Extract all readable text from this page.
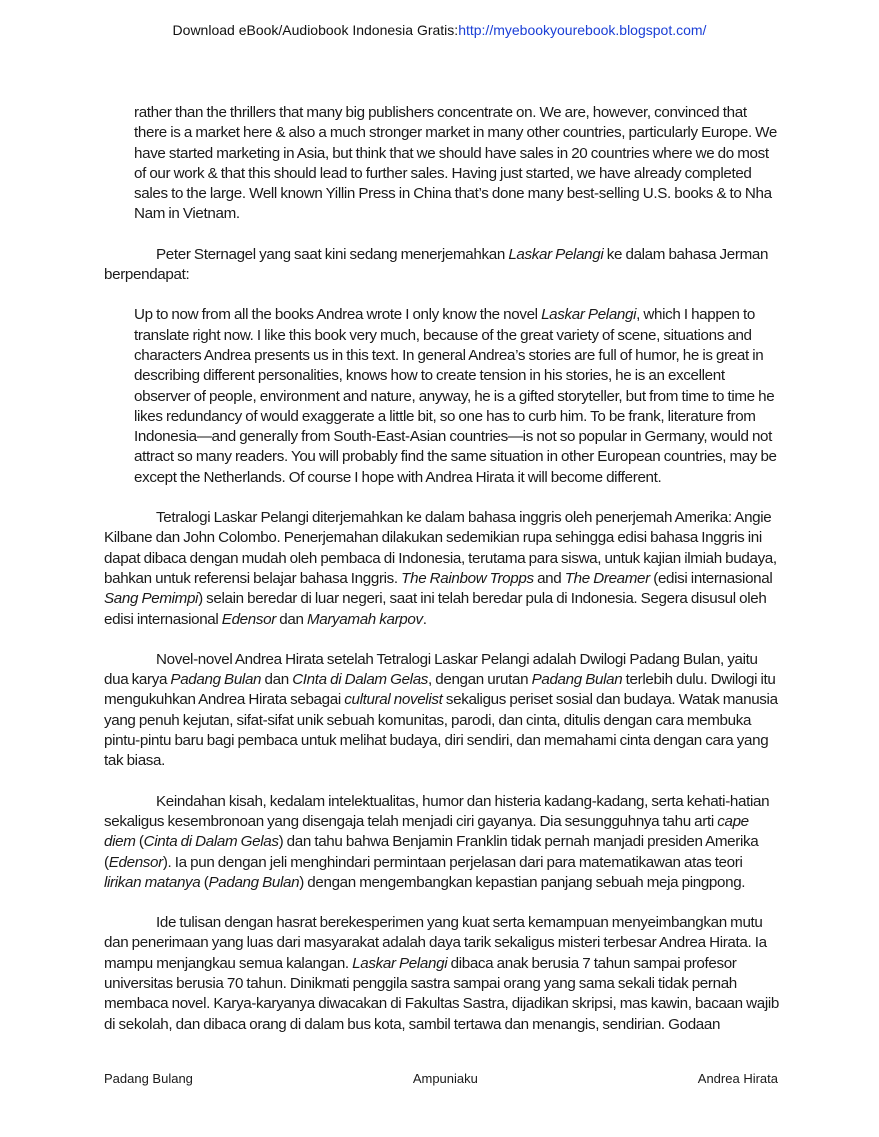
Download eBook/Audiobook Indonesia Gratis:http://myebookyourebook.blogspot.com/

rather than the thrillers that many big publishers concentrate on. We are, however, convinced that there is a market here & also a much stronger market in many other countries, particularly Europe. We have started marketing in Asia, but think that we should have sales in 20 countries where we do most of our work & that this should lead to further sales. Having just started, we have already completed sales to the large. Well known Yillin Press in China that’s done many best-selling U.S. books & to Nha Nam in Vietnam.

Peter Sternagel yang saat kini sedang menerjemahkan Laskar Pelangi ke dalam bahasa Jerman berpendapat:

Up to now from all the books Andrea wrote I only know the novel Laskar Pelangi, which I happen to translate right now. I like this book very much, because of the great variety of scene, situations and characters Andrea presents us in this text. In general Andrea’s stories are full of humor, he is great in describing different personalities, knows how to create tension in his stories, he is an excellent observer of people, environment and nature, anyway, he is a gifted storyteller, but from time to time he likes redundancy of would exaggerate a little bit, so one has to curb him. To be frank, literature from Indonesia—and generally from South-East-Asian countries—is not so popular in Germany, would not attract so many readers. You will probably find the same situation in other European countries, may be except the Netherlands. Of course I hope with Andrea Hirata it will become different.

Tetralogi Laskar Pelangi diterjemahkan ke dalam bahasa inggris oleh penerjemah Amerika: Angie Kilbane dan John Colombo. Penerjemahan dilakukan sedemikian rupa sehingga edisi bahasa Inggris ini dapat dibaca dengan mudah oleh pembaca di Indonesia, terutama para siswa, untuk kajian ilmiah budaya, bahkan untuk referensi belajar bahasa Inggris. The Rainbow Tropps and The Dreamer (edisi internasional Sang Pemimpi) selain beredar di luar negeri, saat ini telah beredar pula di Indonesia. Segera disusul oleh edisi internasional Edensor dan Maryamah karpov.

Novel-novel Andrea Hirata setelah Tetralogi Laskar Pelangi adalah Dwilogi Padang Bulan, yaitu dua karya Padang Bulan dan CInta di Dalam Gelas, dengan urutan Padang Bulan terlebih dulu. Dwilogi itu mengukuhkan Andrea Hirata sebagai cultural novelist sekaligus periset sosial dan budaya. Watak manusia yang penuh kejutan, sifat-sifat unik sebuah komunitas, parodi, dan cinta, ditulis dengan cara membuka pintu-pintu baru bagi pembaca untuk melihat budaya, diri sendiri, dan memahami cinta dengan cara yang tak biasa.

Keindahan kisah, kedalam intelektualitas, humor dan histeria kadang-kadang, serta kehati-hatian sekaligus kesembronoan yang disengaja telah menjadi ciri gayanya. Dia sesungguhnya tahu arti cape diem (Cinta di Dalam Gelas) dan tahu bahwa Benjamin Franklin tidak pernah manjadi presiden Amerika (Edensor). Ia pun dengan jeli menghindari permintaan perjelasan dari para matematikawan atas teori lirikan matanya (Padang Bulan) dengan mengembangkan kepastian panjang sebuah meja pingpong.

Ide tulisan dengan hasrat berekesperimen yang kuat serta kemampuan menyeimbangkan mutu dan penerimaan yang luas dari masyarakat adalah daya tarik sekaligus misteri terbesar Andrea Hirata. Ia mampu menjangkau semua kalangan. Laskar Pelangi dibaca anak berusia 7 tahun sampai profesor universitas berusia 70 tahun. Dinikmati penggila sastra sampai orang yang sama sekali tidak pernah membaca novel. Karya-karyanya diwacakan di Fakultas Sastra, dijadikan skripsi, mas kawin, bacaan wajib di sekolah, dan dibaca orang di dalam bus kota, sambil tertawa dan menangis, sendirian. Godaan

Padang Bulang	Ampuniaku	Andrea Hirata
